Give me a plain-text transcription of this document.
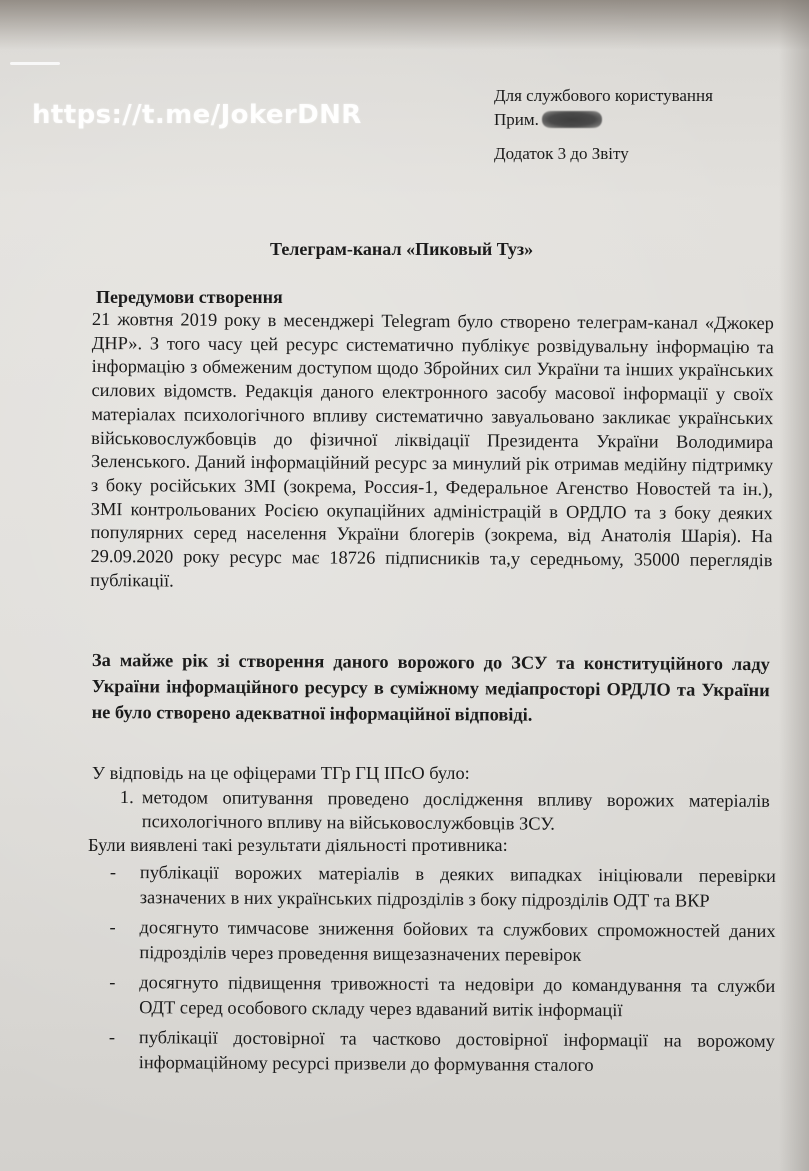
https://t.me/JokerDNR
Для службового користування
Прим.
Додаток 3 до Звіту
Телеграм-канал «Пиковый Туз»
Передумови створення
21 жовтня 2019 року в месенджері Telegram було створено телеграм-канал «Джокер ДНР». З того часу цей ресурс систематично публікує розвідувальну інформацію та інформацію з обмеженим доступом щодо Збройних сил України та інших українських силових відомств. Редакція даного електронного засобу масової інформації у своїх матеріалах психологічного впливу систематично завуальовано закликає українських військовослужбовців до фізичної ліквідації Президента України Володимира Зеленського. Даний інформаційний ресурс за минулий рік отримав медійну підтримку з боку російських ЗМІ (зокрема, Россия-1, Федеральное Агенство Новостей та ін.), ЗМІ контрольованих Росією окупаційних адміністрацій в ОРДЛО та з боку деяких популярних серед населення України блогерів (зокрема, від Анатолія Шарія). На 29.09.2020 року ресурс має 18726 підписників та,у середньому, 35000 переглядів публікації.
За майже рік зі створення даного ворожого до ЗСУ та конституційного ладу України інформаційного ресурсу в суміжному медіапросторі ОРДЛО та України не було створено адекватної інформаційної відповіді.
У відповідь на це офіцерами ТГр ГЦ ІПсО було:
1. методом опитування проведено дослідження впливу ворожих матеріалів психологічного впливу на військовослужбовців ЗСУ.
Були виявлені такі результати діяльності противника:
- публікації ворожих матеріалів в деяких випадках ініціювали перевірки зазначених в них українських підрозділів з боку підрозділів ОДТ та ВКР
- досягнуто тимчасове зниження бойових та службових спроможностей даних підрозділів через проведення вищезазначених перевірок
- досягнуто підвищення тривожності та недовіри до командування та служби ОДТ серед особового складу через вдаваний витік інформації
- публікації достовірної та частково достовірної інформації на ворожому інформаційному ресурсі призвели до формування сталого
